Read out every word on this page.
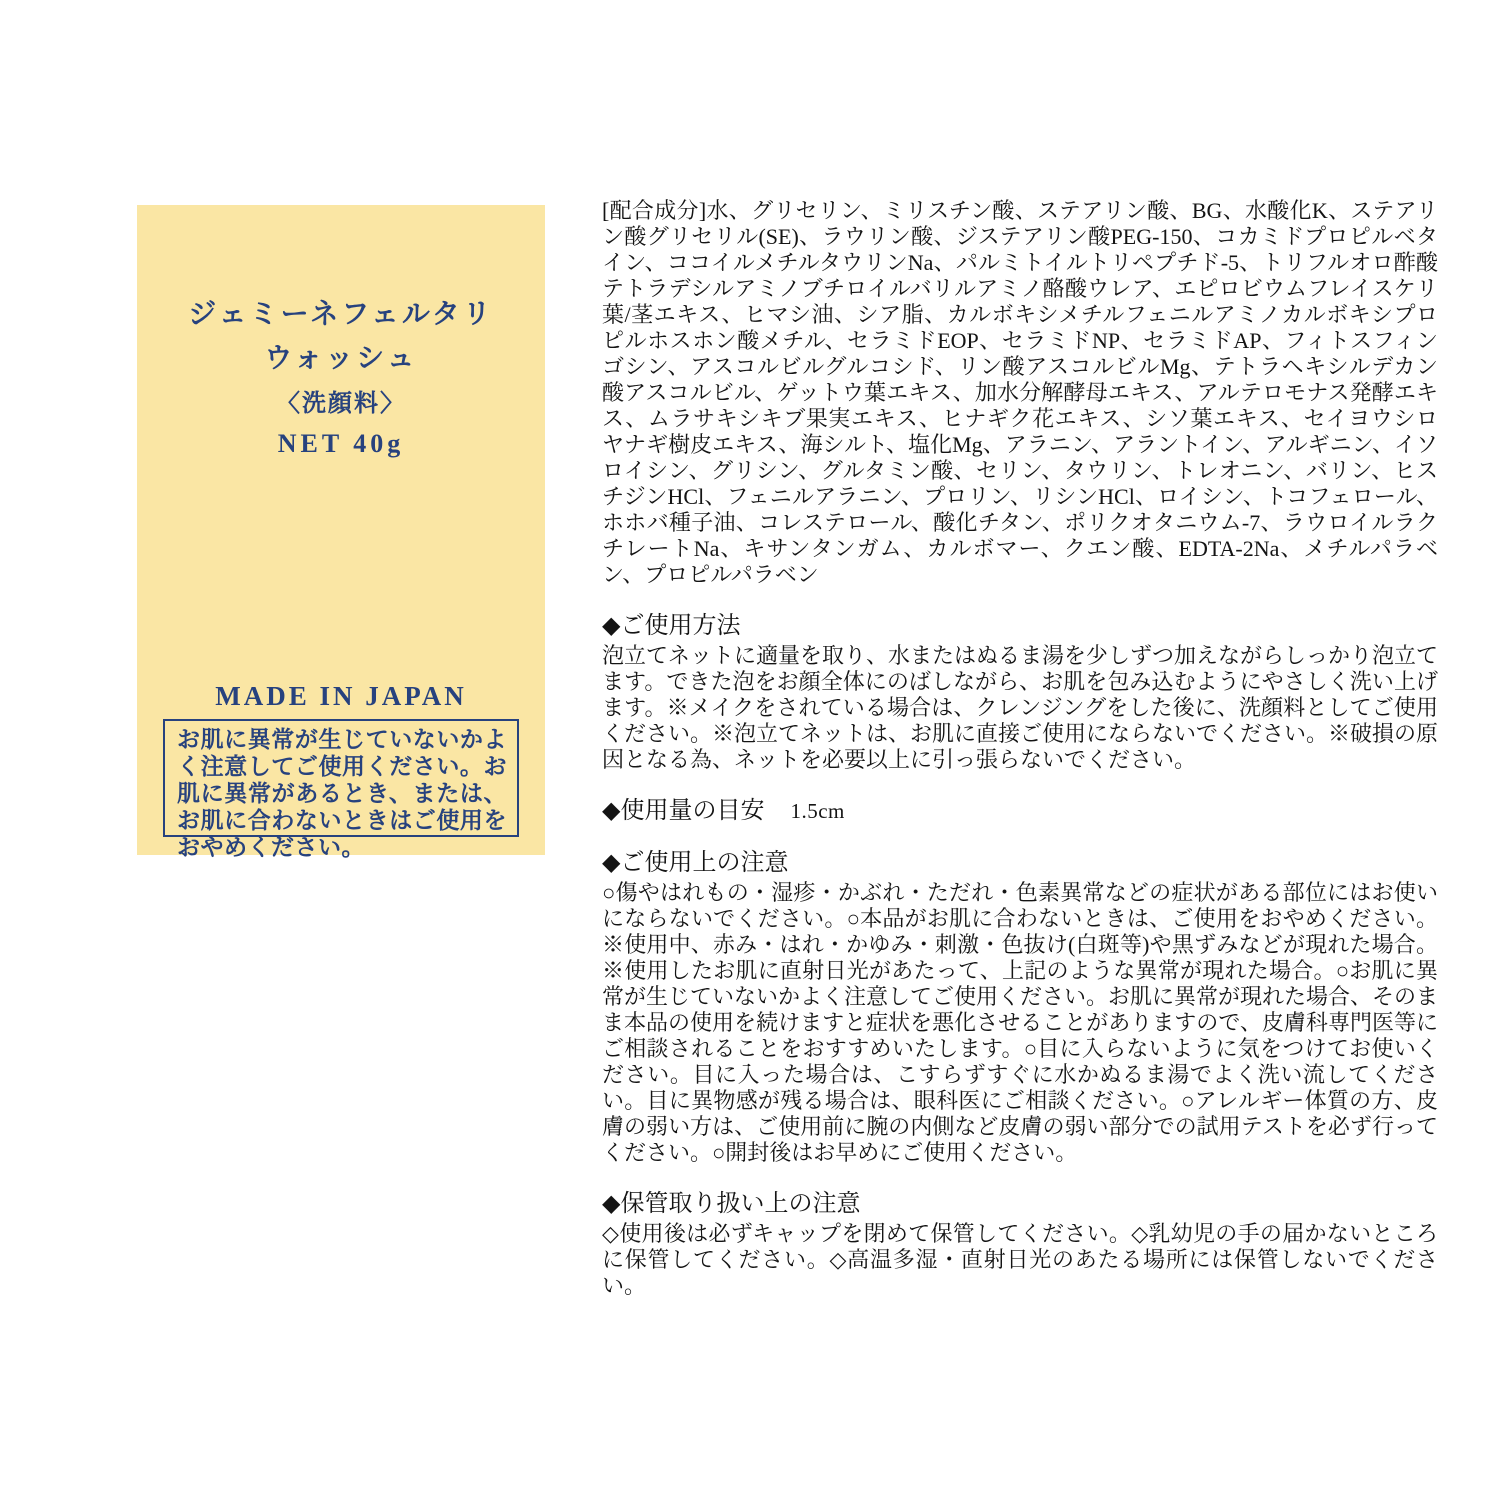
ジェミーネフェルタリ
ウォッシュ
〈洗顔料〉
NET 40g
MADE IN JAPAN

お肌に異常が生じていないかよく注意してご使用ください。お肌に異常があるとき、または、お肌に合わないときはご使用をおやめください。

[配合成分]水、グリセリン、ミリスチン酸、ステアリン酸、BG、水酸化K、ステアリン酸グリセリル(SE)、ラウリン酸、ジステアリン酸PEG-150、コカミドプロピルベタイン、ココイルメチルタウリンNa、パルミトイルトリペプチド-5、トリフルオロ酢酸テトラデシルアミノブチロイルバリルアミノ酪酸ウレア、エピロビウムフレイスケリ葉/茎エキス、ヒマシ油、シア脂、カルボキシメチルフェニルアミノカルボキシプロピルホスホン酸メチル、セラミドEOP、セラミドNP、セラミドAP、フィトスフィンゴシン、アスコルビルグルコシド、リン酸アスコルビルMg、テトラヘキシルデカン酸アスコルビル、ゲットウ葉エキス、加水分解酵母エキス、アルテロモナス発酵エキス、ムラサキシキブ果実エキス、ヒナギク花エキス、シソ葉エキス、セイヨウシロヤナギ樹皮エキス、海シルト、塩化Mg、アラニン、アラントイン、アルギニン、イソロイシン、グリシン、グルタミン酸、セリン、タウリン、トレオニン、バリン、ヒスチジンHCl、フェニルアラニン、プロリン、リシンHCl、ロイシン、トコフェロール、ホホバ種子油、コレステロール、酸化チタン、ポリクオタニウム-7、ラウロイルラクチレートNa、キサンタンガム、カルボマー、クエン酸、EDTA-2Na、メチルパラベン、プロピルパラベン

◆ご使用方法

泡立てネットに適量を取り、水またはぬるま湯を少しずつ加えながらしっかり泡立てます。できた泡をお顔全体にのばしながら、お肌を包み込むようにやさしく洗い上げます。※メイクをされている場合は、クレンジングをした後に、洗顔料としてご使用ください。※泡立てネットは、お肌に直接ご使用にならないでください。※破損の原因となる為、ネットを必要以上に引っ張らないでください。

◆使用量の目安 1.5cm
◆ご使用上の注意

○傷やはれもの・湿疹・かぶれ・ただれ・色素異常などの症状がある部位にはお使いにならないでください。○本品がお肌に合わないときは、ご使用をおやめください。※使用中、赤み・はれ・かゆみ・刺激・色抜け(白斑等)や黒ずみなどが現れた場合。※使用したお肌に直射日光があたって、上記のような異常が現れた場合。○お肌に異常が生じていないかよく注意してご使用ください。お肌に異常が現れた場合、そのまま本品の使用を続けますと症状を悪化させることがありますので、皮膚科専門医等にご相談されることをおすすめいたします。○目に入らないように気をつけてお使いください。目に入った場合は、こすらずすぐに水かぬるま湯でよく洗い流してください。目に異物感が残る場合は、眼科医にご相談ください。○アレルギー体質の方、皮膚の弱い方は、ご使用前に腕の内側など皮膚の弱い部分での試用テストを必ず行ってください。○開封後はお早めにご使用ください。

◆保管取り扱い上の注意

◇使用後は必ずキャップを閉めて保管してください。◇乳幼児の手の届かないところに保管してください。◇高温多湿・直射日光のあたる場所には保管しないでください。
